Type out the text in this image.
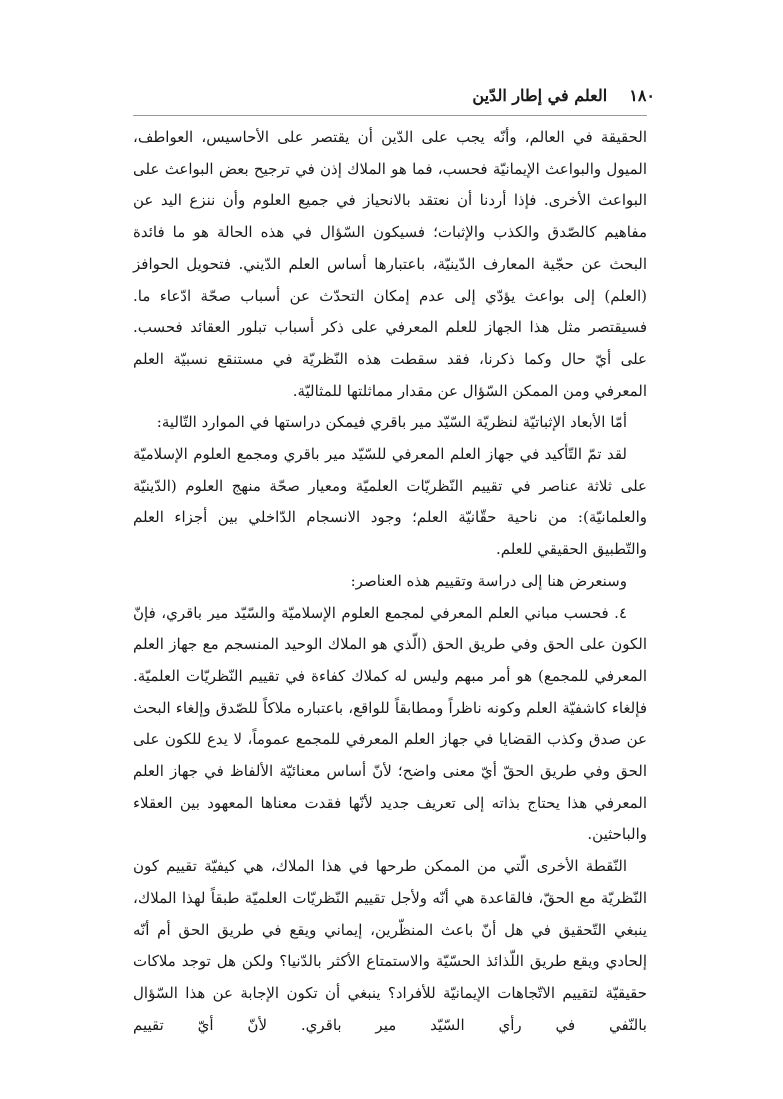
١٨٠
العلم في إطار الدّين

الحقيقة في العالم، وأنّه يجب على الدّين أن يقتصر على الأحاسيس، العواطف، الميول والبواعث الإيمانيّة فحسب، فما هو الملاك إذن في ترجيح بعض البواعث على البواعث الأخرى. فإذا أردنا أن نعتقد بالانحياز في جميع العلوم وأن ننزع اليد عن مفاهيم كالصّدق والكذب والإثبات؛ فسيكون السّؤال في هذه الحالة هو ما فائدة البحث عن حجّية المعارف الدّينيّة، باعتبارها أساس العلم الدّيني. فتحويل الحوافز (العلم) إلى بواعث يؤدّي إلى عدم إمكان التحدّث عن أسباب صحّة ادّعاء ما. فسيقتصر مثل هذا الجهاز للعلم المعرفي على ذكر أسباب تبلور العقائد فحسب. على أيّ حال وكما ذكرنا، فقد سقطت هذه النّظريّة في مستنقع نسبيّة العلم المعرفي ومن الممكن السّؤال عن مقدار مماثلتها للمثاليّة.

أمّا الأبعاد الإثباتيّة لنظريّة السّيّد مير باقري فيمكن دراستها في الموارد التّالية:

لقد تمّ التّأكيد في جهاز العلم المعرفي للسّيّد مير باقري ومجمع العلوم الإسلاميّة على ثلاثة عناصر في تقييم النّظريّات العلميّة ومعيار صحّة منهج العلوم (الدّينيّة والعلمانيّة): من ناحية حقّانيّة العلم؛ وجود الانسجام الدّاخلي بين أجزاء العلم والتّطبيق الحقيقي للعلم.

وسنعرض هنا إلى دراسة وتقييم هذه العناصر:

٤. فحسب مباني العلم المعرفي لمجمع العلوم الإسلاميّة والسّيّد مير باقري، فإنّ الكون على الحق وفي طريق الحق (الّذي هو الملاك الوحيد المنسجم مع جهاز العلم المعرفي للمجمع) هو أمر مبهم وليس له كملاك كفاءة في تقييم النّظريّات العلميّة. فإلغاء كاشفيّة العلم وكونه ناظراً ومطابقاً للواقع، باعتباره ملاكاً للصّدق وإلغاء البحث عن صدق وكذب القضايا في جهاز العلم المعرفي للمجمع عموماً، لا يدع للكون على الحق وفي طريق الحقّ أيّ معنى واضح؛ لأنّ أساس معنائيّة الألفاظ في جهاز العلم المعرفي هذا يحتاج بذاته إلى تعريف جديد لأنّها فقدت معناها المعهود بين العقلاء والباحثين.

النّقطة الأخرى الّتي من الممكن طرحها في هذا الملاك، هي كيفيّة تقييم كون النّظريّة مع الحقّ، فالقاعدة هي أنّه ولأجل تقييم النّظريّات العلميّة طبقاً لهذا الملاك، ينبغي التّحقيق في هل أنّ باعث المنظّرين، إيماني ويقع في طريق الحق أم أنّه إلحادي ويقع طريق اللّذائذ الحسّيّة والاستمتاع الأكثر بالدّنيا؟ ولكن هل توجد ملاكات حقيقيّة لتقييم الاتّجاهات الإيمانيّة للأفراد؟ ينبغي أن تكون الإجابة عن هذا السّؤال بالنّفي في رأي السّيّد مير باقري. لأنّ أيّ تقييم
